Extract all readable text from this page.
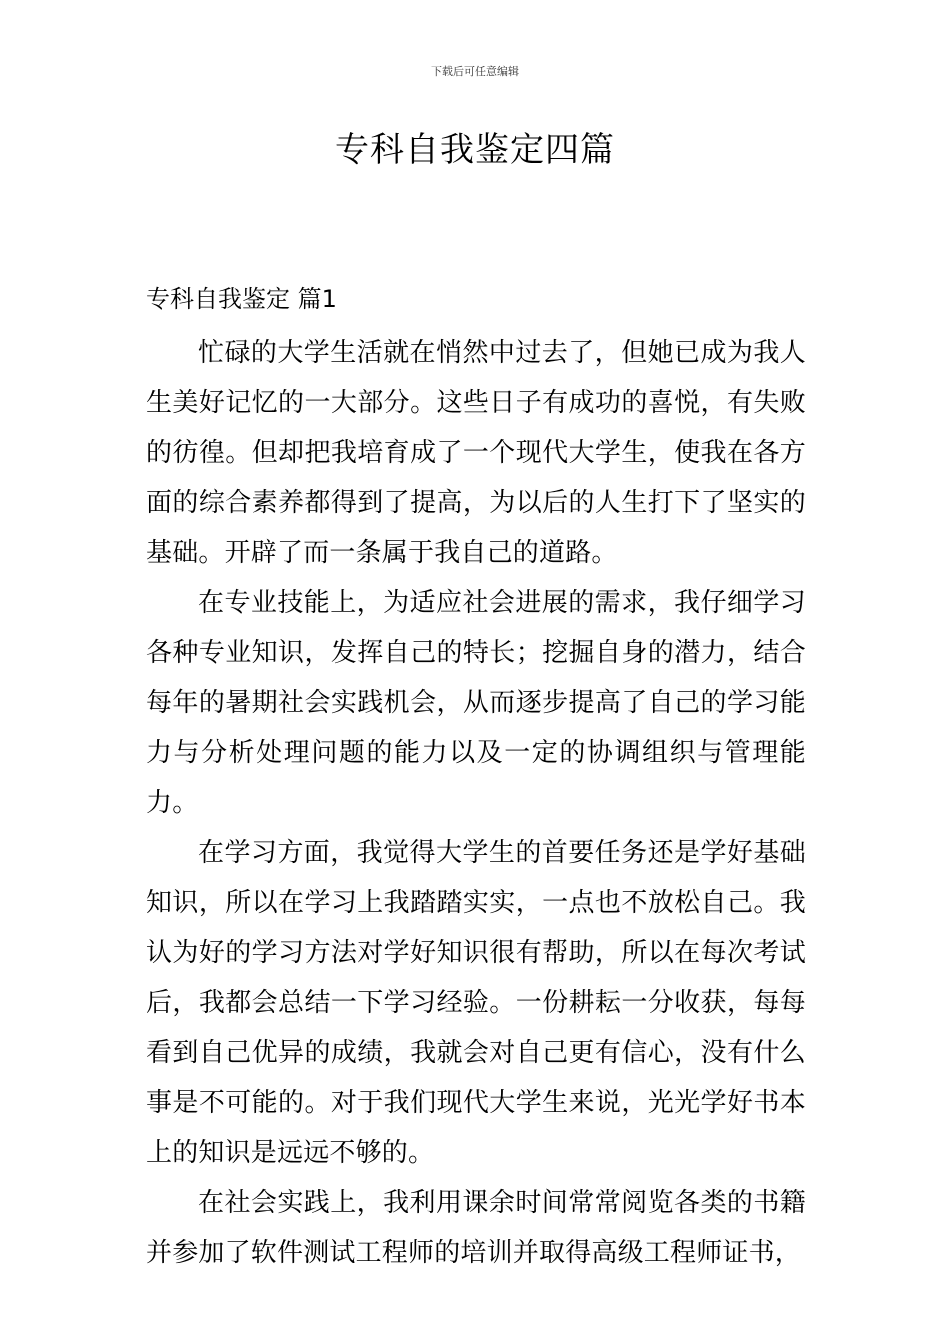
下载后可任意编辑
专科自我鉴定四篇
专科自我鉴定 篇1

忙碌的大学生活就在悄然中过去了，但她已成为我人生美好记忆的一大部分。这些日子有成功的喜悦，有失败的彷徨。但却把我培育成了一个现代大学生，使我在各方面的综合素养都得到了提高，为以后的人生打下了坚实的基础。开辟了而一条属于我自己的道路。

在专业技能上，为适应社会进展的需求，我仔细学习各种专业知识，发挥自己的特长；挖掘自身的潜力，结合每年的暑期社会实践机会，从而逐步提高了自己的学习能力与分析处理问题的能力以及一定的协调组织与管理能力。

在学习方面，我觉得大学生的首要任务还是学好基础知识，所以在学习上我踏踏实实，一点也不放松自己。我认为好的学习方法对学好知识很有帮助，所以在每次考试后，我都会总结一下学习经验。一份耕耘一分收获，每每看到自己优异的成绩，我就会对自己更有信心，没有什么事是不可能的。对于我们现代大学生来说，光光学好书本上的知识是远远不够的。

在社会实践上，我利用课余时间常常阅览各类的书籍并参加了软件测试工程师的培训并取得高级工程师证书，
